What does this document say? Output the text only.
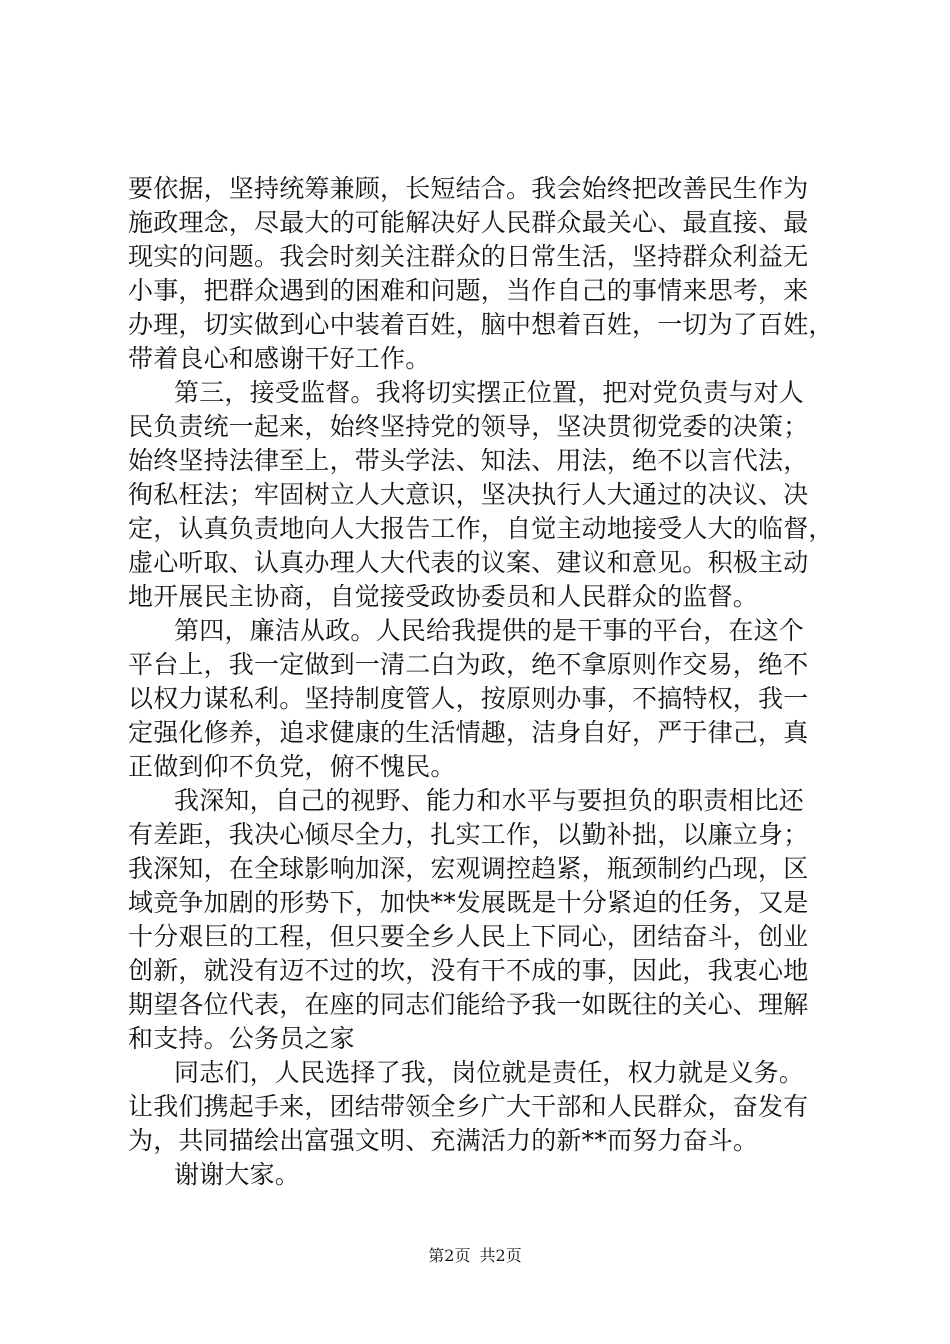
要依据，坚持统筹兼顾，长短结合。我会始终把改善民生作为
施政理念，尽最大的可能解决好人民群众最关心、最直接、最
现实的问题。我会时刻关注群众的日常生活，坚持群众利益无
小事，把群众遇到的困难和问题，当作自己的事情来思考，来
办理，切实做到心中装着百姓，脑中想着百姓，一切为了百姓，
带着良心和感谢干好工作。
第三，接受监督。我将切实摆正位置，把对党负责与对人
民负责统一起来，始终坚持党的领导，坚决贯彻党委的决策；
始终坚持法律至上，带头学法、知法、用法，绝不以言代法，
徇私枉法；牢固树立人大意识，坚决执行人大通过的决议、决
定，认真负责地向人大报告工作，自觉主动地接受人大的临督，
虚心听取、认真办理人大代表的议案、建议和意见。积极主动
地开展民主协商，自觉接受政协委员和人民群众的监督。
第四，廉洁从政。人民给我提供的是干事的平台，在这个
平台上，我一定做到一清二白为政，绝不拿原则作交易，绝不
以权力谋私利。坚持制度管人，按原则办事，不搞特权，我一
定强化修养，追求健康的生活情趣，洁身自好，严于律己，真
正做到仰不负党，俯不愧民。
我深知，自己的视野、能力和水平与要担负的职责相比还
有差距，我决心倾尽全力，扎实工作，以勤补拙，以廉立身；
我深知，在全球影响加深，宏观调控趋紧，瓶颈制约凸现，区
域竞争加剧的形势下，加快**发展既是十分紧迫的任务，又是
十分艰巨的工程，但只要全乡人民上下同心，团结奋斗，创业
创新，就没有迈不过的坎，没有干不成的事，因此，我衷心地
期望各位代表，在座的同志们能给予我一如既往的关心、理解
和支持。公务员之家
同志们，人民选择了我，岗位就是责任，权力就是义务。
让我们携起手来，团结带领全乡广大干部和人民群众，奋发有
为，共同描绘出富强文明、充满活力的新**而努力奋斗。
谢谢大家。
第2页 共2页
